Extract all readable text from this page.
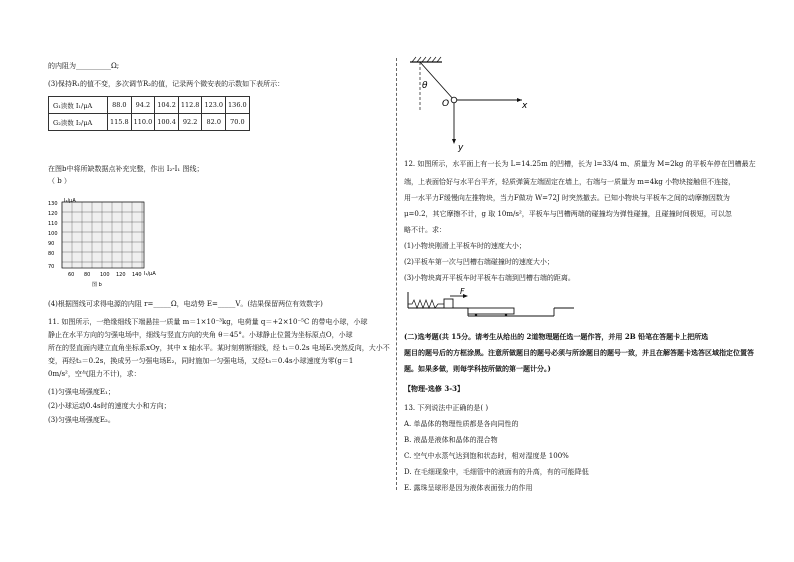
的内阻为__________Ω;
(3)保持R₁的值不变，多次调节R₂的值，记录两个微安表的示数如下表所示：
G₁读数 I₁/μA	88.0	94.2	104.2	112.8	123.0	136.0
G₂读数 I₂/μA	115.8	110.0	100.4	92.2	82.0	70.0
在图b中将所缺数据点补充完整，作出 I₂-I₁ 图线；
（ b ）
I₂/μA
I₁/μA
130
120
110
100
90
80
70
60 80 100 120 140
图 b
(4)根据图线可求得电源的内阻 r=_____Ω，电动势 E=_____V。(结果保留两位有效数字)
11. 如图所示，一绝缘细线下端悬挂一质量 m＝1×10⁻³kg，电荷量 q＝+2×10⁻⁵C 的带电小球，小球
静止在水平方向的匀强电场中，细线与竖直方向的夹角 θ＝45°。小球静止位置为坐标原点O，小球
所在的竖直面内建立直角坐标系xOy，其中 x 轴水平。某时刻剪断细线，经 t₁＝0.2s 电场E₁突然反向，大小不
变，再经t₂＝0.2s，换成另一匀强电场E₂，同时施加一匀强电场，又经t₃＝0.4s小球速度为零(g＝1
0m/s²，空气阻力不计)，求：
(1)匀强电场强度E₁；
(2)小球运动0.4s时的速度大小和方向；
(3)匀强电场强度E₂。
θ
O	x
y
12. 如图所示，水平面上有一长为 L=14.25m 的凹槽，长为 l=33/4 m、质量为 M=2kg 的平板车停在凹槽最左
端，上表面恰好与水平台平齐，轻质弹簧左端固定在墙上，右端与一质量为 m=4kg 小物块接触但不连接，
用一水平力F缓慢向左推物块，当力F做功 W=72J 时突然撤去。已知小物块与平板车之间的动摩擦因数为
μ=0.2，其它摩擦不计，g 取 10m/s²，平板车与凹槽两端的碰撞均为弹性碰撞，且碰撞时间极短，可以忽
略不计。求：
(1)小物块刚滑上平板车时的速度大小；
(2)平板车第一次与凹槽右端碰撞时的速度大小；
(3)小物块离开平板车时平板车右端到凹槽右端的距离。
F
(二)选考题(共 15分。请考生从给出的 2道物理题任选一题作答，并用 2B 铅笔在答题卡上把所选
题目的题号后的方框涂黑。注意所做题目的题号必须与所涂题目的题号一致，并且在解答题卡选答区域指定位置答
题。如果多做，则每学科按所做的第一题计分。)
【物理-选修 3-3】
13. 下列说法中正确的是( )
A. 单晶体的物理性质都是各向同性的
B. 液晶是液体和晶体的混合物
C. 空气中水蒸气达到饱和状态时，相对湿度是 100%
D. 在毛细现象中，毛细管中的液面有的升高，有的可能降低
E. 露珠呈球形是因为液体表面张力的作用
